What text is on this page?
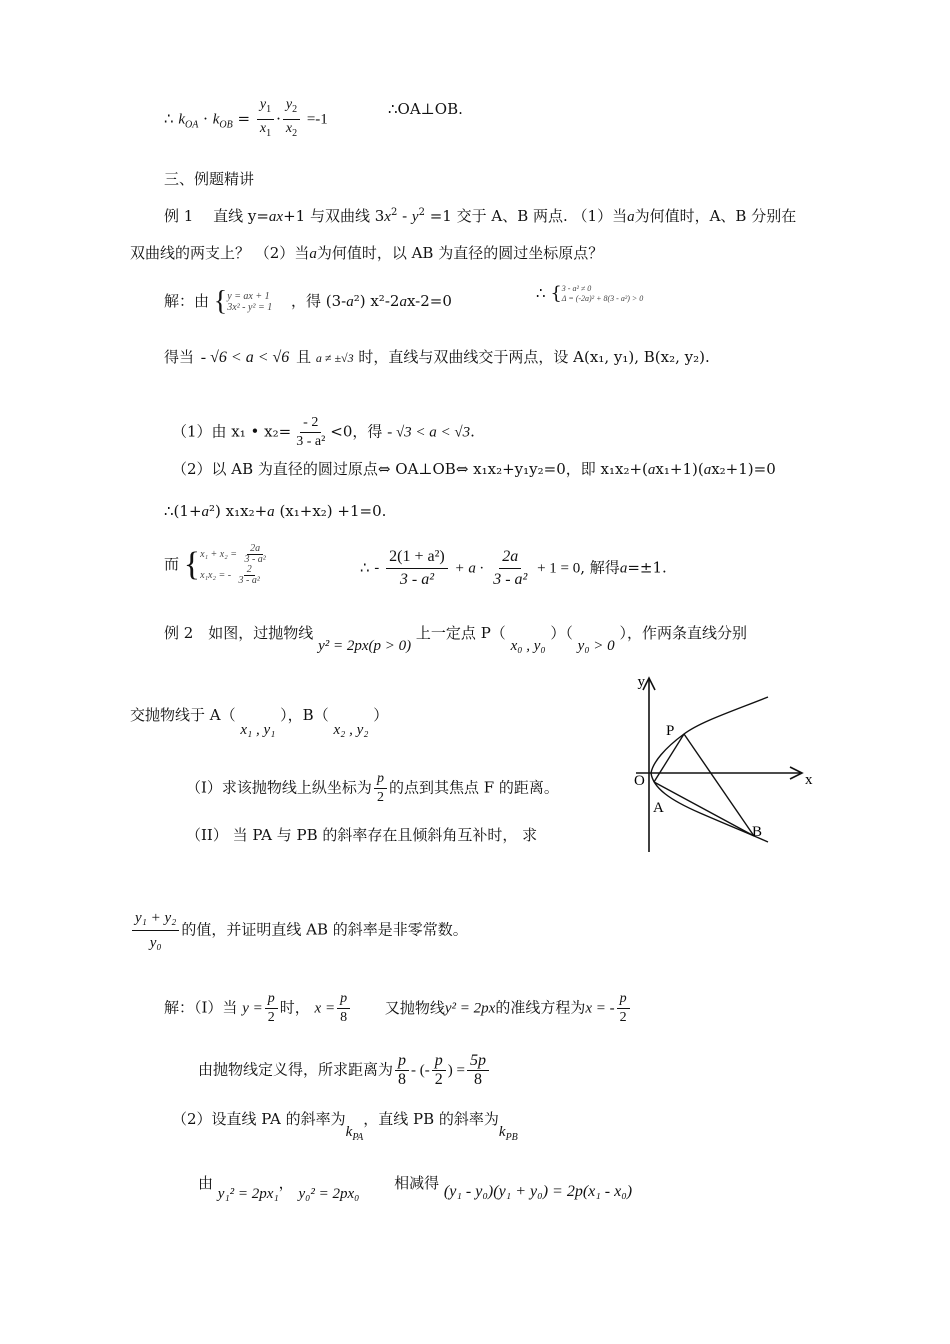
∴ $k_{OA} \cdot k_{OB} = \frac{y_1}{x_1} \cdot \frac{y_2}{x_2} =-1$
∴OA⊥OB.
三、例题精讲
例 1　 直线 y=ax+1 与双曲线 $3x^2 - y^2 =1$ 交于 A、B 两点. （1）当a为何值时，A、B 分别在
双曲线的两支上？ （2）当a为何值时，以 AB 为直径的圆过坐标原点？
解：由 { y = ax + 1
3x² - y² = 1 ，得 (3-a²) x²-2ax-2=0	∴ { 3 - a² ≠ 0
Δ = (-2a)² + 8(3 - a²) > 0
得当 - √6 < a < √6 且 a ≠ ±√3 时，直线与双曲线交于两点，设 A(x₁, y₁), B(x₂, y₂).
（1）由 x₁ • $x_2= \frac{- 2}{\text{3 - a²}} <0$，得 - √3 < a < √3.
（2）以 AB 为直径的圆过原点⇔ OA⊥OB⇔ x₁x₂+y₁y₂=0，即 x₁x₂+(ax₁+1)(ax₂+1)=0
∴(1+a²) x₁x₂+a (x₁+x₂) +1=0.
而 { $x_1 + x_2 = \frac{2a}{\text{3 - a²}}$
x₁x₂ = - $\frac{2}{\text{3 - a²}}$	∴ - $\frac{\text{2(1 + a²)}}{\text{3 - a²}} + a \cdot \frac{2a}{\text{3 - a²}} + 1 = 0$, 解得a=±1.
例 2　如图，过抛物线 y² = 2px(p > 0) 上一定点 P（ x₀ , y₀ ）（ y₀ > 0 ），作两条直线分别
交抛物线于 A（ x₁ , y₁ ），B（ x₂ , y₂ ）
（I）求该抛物线上纵坐标为 $\frac{p}{2}$ 的点到其焦点 F 的距离。
（II） 当 PA 与 PB 的斜率存在且倾斜角互补时， 求
$\frac{\text{y₁ + y₂}}{\text{y₀}}$ 的值，并证明直线 AB 的斜率是非零常数。
解：（I）当 $y = \frac{p}{2}$ 时， $x = \frac{p}{8}$ 又抛物线y² = 2px的准线方程为x = - $\frac{p}{2}$
由抛物线定义得，所求距离为 $\frac{p}{8}$ - (- $\frac{p}{2}$ ) = $\frac{5p}{8}$
（2）设直线 PA 的斜率为$k_{PA}$，直线 PB 的斜率为$k_{PB}$
由 y₁² = 2px₁， y₀² = 2px₀ 相减得 (y₁ - y₀)(y₁ + y₀) = 2p(x₁ - x₀)
y
x
O
P
A
B
